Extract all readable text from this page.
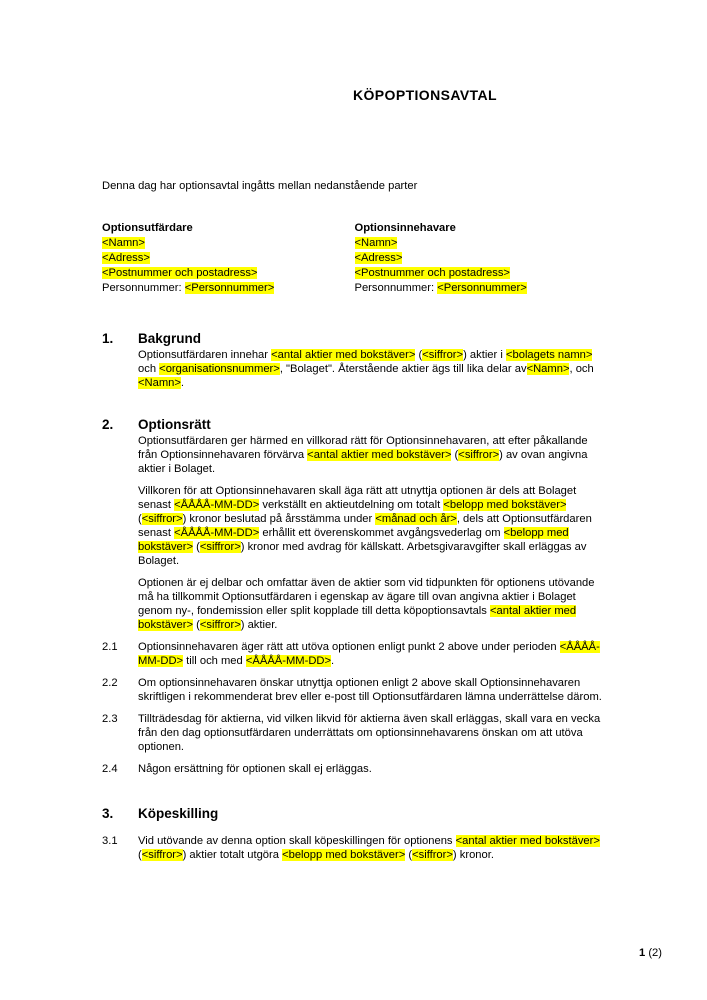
KÖPOPTIONSAVTAL
Denna dag har optionsavtal ingåtts mellan nedanstående parter
Optionsutfärdare
<Namn>
<Adress>
<Postnummer och postadress>
Personnummer: <Personnummer>
Optionsinnehavare
<Namn>
<Adress>
<Postnummer och postadress>
Personnummer: <Personnummer>
1.	Bakgrund
Optionsutfärdaren innehar <antal aktier med bokstäver> (<siffror>) aktier i <bolagets namn> och <organisationsnummer>, "Bolaget". Återstående aktier ägs till lika delar av<Namn>, och <Namn>.
2.	Optionsrätt
Optionsutfärdaren ger härmed en villkorad rätt för Optionsinnehavaren, att efter påkallande från Optionsinnehavaren förvärva <antal aktier med bokstäver> (<siffror>) av ovan angivna aktier i Bolaget.
Villkoren för att Optionsinnehavaren skall äga rätt att utnyttja optionen är dels att Bolaget senast <ÅÅÅÅ-MM-DD> verkställt en aktieutdelning om totalt <belopp med bokstäver> (<siffror>) kronor beslutad på årsstämma under <månad och år>, dels att Optionsutfärdaren senast <ÅÅÅÅ-MM-DD> erhållit ett överenskommet avgångsvederlag om <belopp med bokstäver> (<siffror>) kronor med avdrag för källskatt. Arbetsgivaravgifter skall erläggas av Bolaget.
Optionen är ej delbar och omfattar även de aktier som vid tidpunkten för optionens utövande må ha tillkommit Optionsutfärdaren i egenskap av ägare till ovan angivna aktier i Bolaget genom ny-, fondemission eller split kopplade till detta köpoptionsavtals <antal aktier med bokstäver> (<siffror>) aktier.
2.1	Optionsinnehavaren äger rätt att utöva optionen enligt punkt 2 above under perioden <ÅÅÅÅ-MM-DD> till och med <ÅÅÅÅ-MM-DD>.
2.2	Om optionsinnehavaren önskar utnyttja optionen enligt 2 above skall Optionsinnehavaren skriftligen i rekommenderat brev eller e-post till Optionsutfärdaren lämna underrättelse därom.
2.3	Tillträdesdag för aktierna, vid vilken likvid för aktierna även skall erläggas, skall vara en vecka från den dag optionsutfärdaren underrättats om optionsinnehavarens önskan om att utöva optionen.
2.4	Någon ersättning för optionen skall ej erläggas.
3.	Köpeskilling
3.1	Vid utövande av denna option skall köpeskillingen för optionens <antal aktier med bokstäver> (<siffror>) aktier totalt utgöra <belopp med bokstäver> (<siffror>) kronor.
1 (2)
